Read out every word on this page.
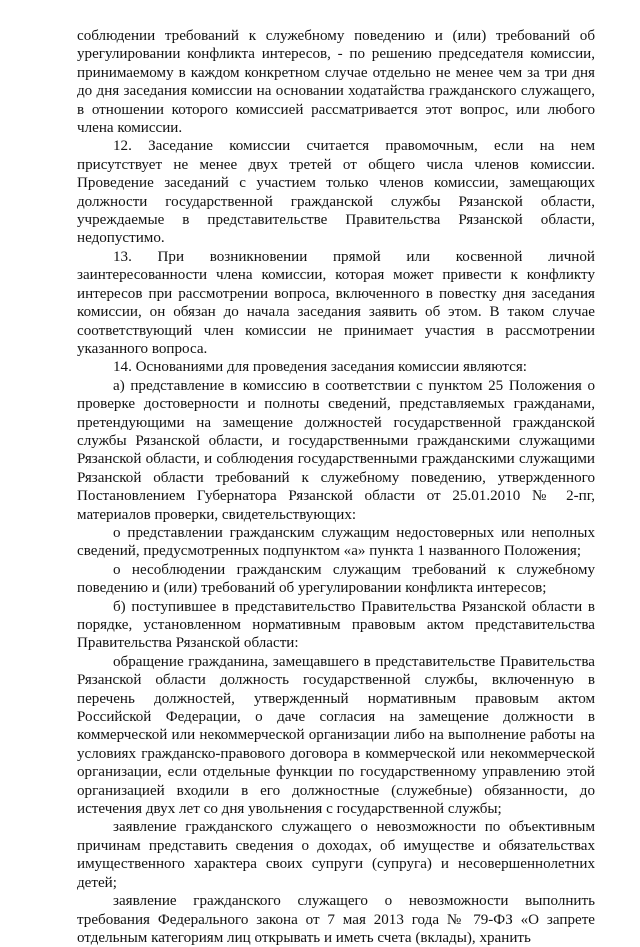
соблюдении требований к служебному поведению и (или) требований об урегулировании конфликта интересов, - по решению председателя комиссии, принимаемому в каждом конкретном случае отдельно не менее чем за три дня до дня заседания комиссии на основании ходатайства гражданского служащего, в отношении которого комиссией рассматривается этот вопрос, или любого члена комиссии.

12. Заседание комиссии считается правомочным, если на нем присутствует не менее двух третей от общего числа членов комиссии. Проведение заседаний с участием только членов комиссии, замещающих должности государственной гражданской службы Рязанской области, учреждаемые в представительстве Правительства Рязанской области, недопустимо.

13. При возникновении прямой или косвенной личной заинтересованности члена комиссии, которая может привести к конфликту интересов при рассмотрении вопроса, включенного в повестку дня заседания комиссии, он обязан до начала заседания заявить об этом. В таком случае соответствующий член комиссии не принимает участия в рассмотрении указанного вопроса.

14. Основаниями для проведения заседания комиссии являются:

а) представление в комиссию в соответствии с пунктом 25 Положения о проверке достоверности и полноты сведений, представляемых гражданами, претендующими на замещение должностей государственной гражданской службы Рязанской области, и государственными гражданскими служащими Рязанской области, и соблюдения государственными гражданскими служащими Рязанской области требований к служебному поведению, утвержденного Постановлением Губернатора Рязанской области от 25.01.2010 № 2-пг, материалов проверки, свидетельствующих:

о представлении гражданским служащим недостоверных или неполных сведений, предусмотренных подпунктом «а» пункта 1 названного Положения;

о несоблюдении гражданским служащим требований к служебному поведению и (или) требований об урегулировании конфликта интересов;

б) поступившее в представительство Правительства Рязанской области в порядке, установленном нормативным правовым актом представительства Правительства Рязанской области:

обращение гражданина, замещавшего в представительстве Правительства Рязанской области должность государственной службы, включенную в перечень должностей, утвержденный нормативным правовым актом Российской Федерации, о даче согласия на замещение должности в коммерческой или некоммерческой организации либо на выполнение работы на условиях гражданско-правового договора в коммерческой или некоммерческой организации, если отдельные функции по государственному управлению этой организацией входили в его должностные (служебные) обязанности, до истечения двух лет со дня увольнения с государственной службы;

заявление гражданского служащего о невозможности по объективным причинам представить сведения о доходах, об имуществе и обязательствах имущественного характера своих супруги (супруга) и несовершеннолетних детей;

заявление гражданского служащего о невозможности выполнить требования Федерального закона от 7 мая 2013 года № 79-ФЗ «О запрете отдельным категориям лиц открывать и иметь счета (вклады), хранить
